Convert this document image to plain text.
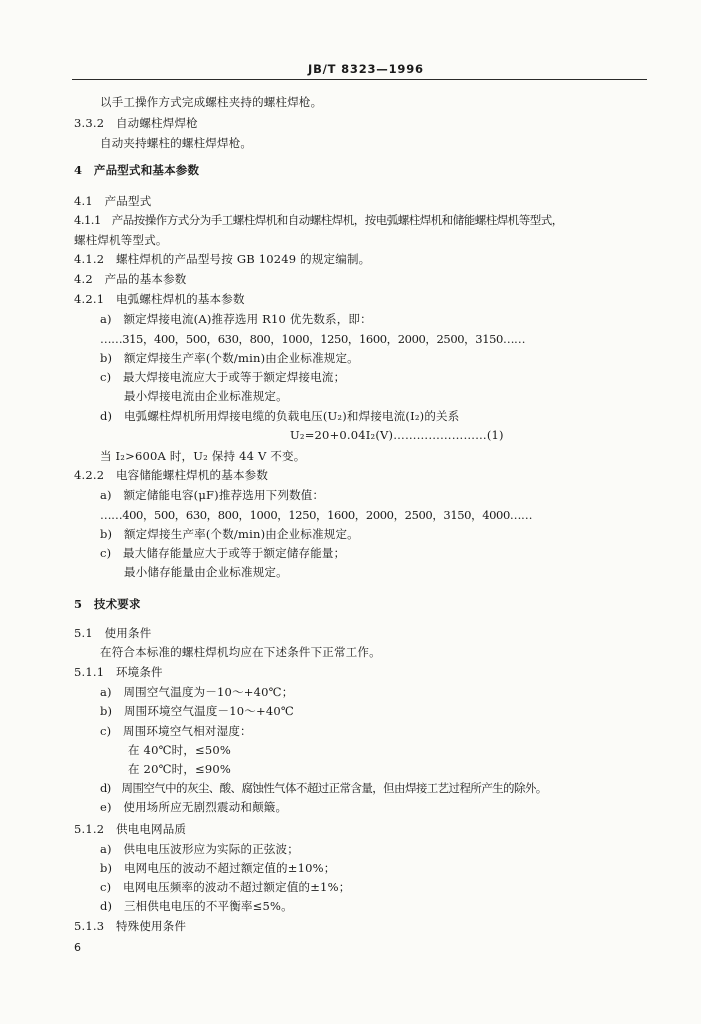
JB/T 8323—1996
以手工操作方式完成螺柱夹持的螺柱焊枪。
3.3.2　自动螺柱焊焊枪
自动夹持螺柱的螺柱焊焊枪。
4　产品型式和基本参数
4.1　产品型式
4.1.1　产品按操作方式分为手工螺柱焊机和自动螺柱焊机，按电弧螺柱焊机和储能螺柱焊机等型式，
螺柱焊机等型式。
4.1.2　螺柱焊机的产品型号按 GB 10249 的规定编制。
4.2　产品的基本参数
4.2.1　电弧螺柱焊机的基本参数
a)　额定焊接电流(A)推荐选用 R10 优先数系，即：
……315，400，500，630，800，1000，1250，1600，2000，2500，3150……
b)　额定焊接生产率(个数/min)由企业标准规定。
c)　最大焊接电流应大于或等于额定焊接电流；
最小焊接电流由企业标准规定。
d)　电弧螺柱焊机所用焊接电缆的负载电压(U₂)和焊接电流(I₂)的关系
U₂=20+0.04I₂(V)……………………(1)
当 I₂>600A 时，U₂ 保持 44 V 不变。
4.2.2　电容储能螺柱焊机的基本参数
a)　额定储能电容(μF)推荐选用下列数值：
……400，500，630，800，1000，1250，1600，2000，2500，3150，4000……
b)　额定焊接生产率(个数/min)由企业标准规定。
c)　最大储存能量应大于或等于额定储存能量；
最小储存能量由企业标准规定。
5　技术要求
5.1　使用条件
在符合本标准的螺柱焊机均应在下述条件下正常工作。
5.1.1　环境条件
a)　周围空气温度为－10～+40℃；
b)　周围环境空气温度－10～+40℃
c)　周围环境空气相对湿度：
在 40℃时，≤50%
在 20℃时，≤90%
d)　周围空气中的灰尘、酸、腐蚀性气体不超过正常含量，但由焊接工艺过程所产生的除外。
e)　使用场所应无剧烈震动和颠簸。
5.1.2　供电电网品质
a)　供电电压波形应为实际的正弦波；
b)　电网电压的波动不超过额定值的±10%；
c)　电网电压频率的波动不超过额定值的±1%；
d)　三相供电电压的不平衡率≤5%。
5.1.3　特殊使用条件
6
